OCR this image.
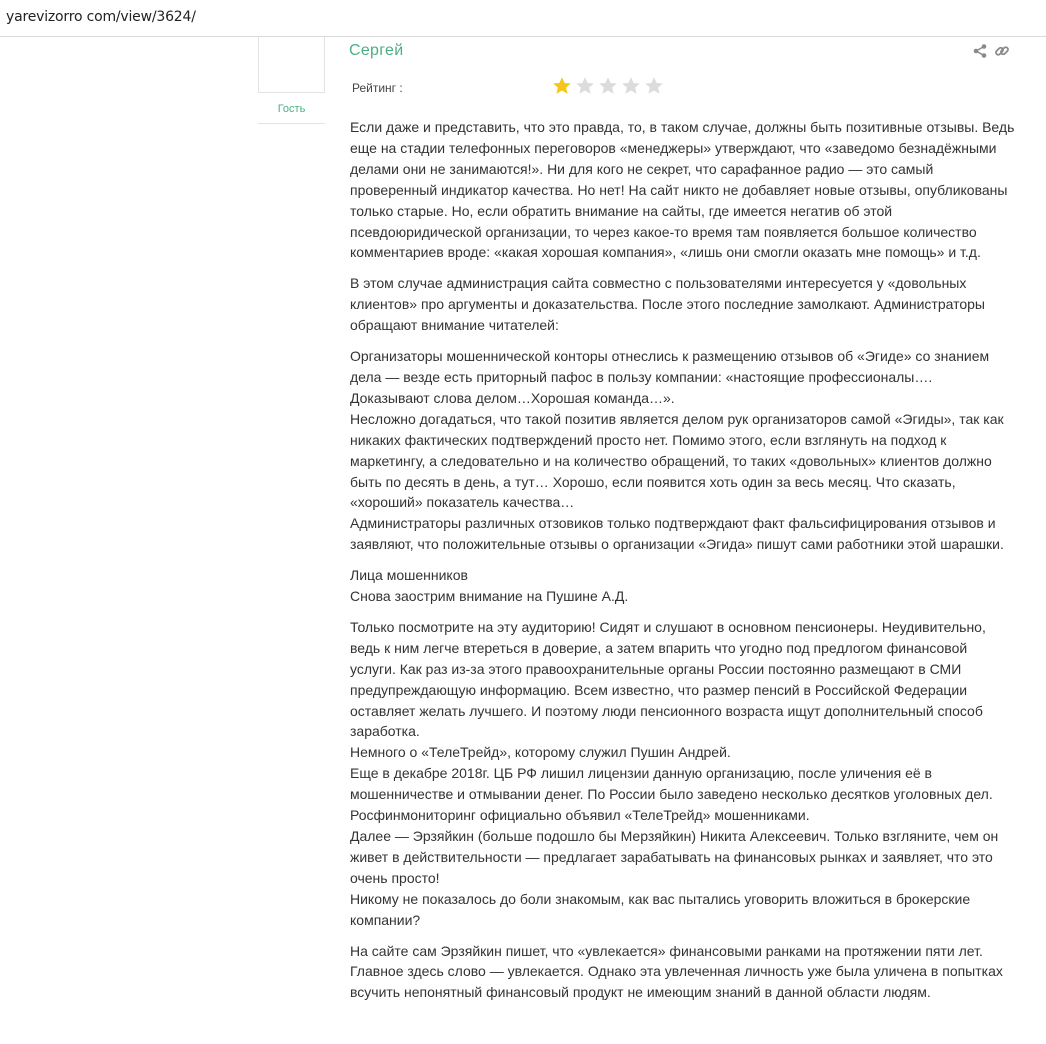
yarevizorro com/view/3624/
Гость
Сергей
Рейтинг :

Если даже и представить, что это правда, то, в таком случае, должны быть позитивные отзывы. Ведь еще на стадии телефонных переговоров «менеджеры» утверждают, что «заведомо безнадёжными делами они не занимаются!». Ни для кого не секрет, что сарафанное радио — это самый проверенный индикатор качества. Но нет! На сайт никто не добавляет новые отзывы, опубликованы только старые. Но, если обратить внимание на сайты, где имеется негатив об этой псевдоюридической организации, то через какое-то время там появляется большое количество комментариев вроде: «какая хорошая компания», «лишь они смогли оказать мне помощь» и т.д.

В этом случае администрация сайта совместно с пользователями интересуется у «довольных клиентов» про аргументы и доказательства. После этого последние замолкают. Администраторы обращают внимание читателей:

Организаторы мошеннической конторы отнеслись к размещению отзывов об «Эгиде» со знанием дела — везде есть приторный пафос в пользу компании: «настоящие профессионалы…. Доказывают слова делом…Хорошая команда…».
Несложно догадаться, что такой позитив является делом рук организаторов самой «Эгиды», так как никаких фактических подтверждений просто нет. Помимо этого, если взглянуть на подход к маркетингу, а следовательно и на количество обращений, то таких «довольных» клиентов должно быть по десять в день, а тут… Хорошо, если появится хоть один за весь месяц. Что сказать, «хороший» показатель качества…
Администраторы различных отзовиков только подтверждают факт фальсифицирования отзывов и заявляют, что положительные отзывы о организации «Эгида» пишут сами работники этой шарашки.

Лица мошенников
Снова заострим внимание на Пушине А.Д.

Только посмотрите на эту аудиторию! Сидят и слушают в основном пенсионеры. Неудивительно, ведь к ним легче втереться в доверие, а затем впарить что угодно под предлогом финансовой услуги. Как раз из-за этого правоохранительные органы России постоянно размещают в СМИ предупреждающую информацию. Всем известно, что размер пенсий в Российской Федерации оставляет желать лучшего. И поэтому люди пенсионного возраста ищут дополнительный способ заработка.
Немного о «ТелеТрейд», которому служил Пушин Андрей.
Еще в декабре 2018г. ЦБ РФ лишил лицензии данную организацию, после уличения её в мошенничестве и отмывании денег. По России было заведено несколько десятков уголовных дел. Росфинмониторинг официально объявил «ТелеТрейд» мошенниками.
Далее — Эрзяйкин (больше подошло бы Мерзяйкин) Никита Алексеевич. Только взгляните, чем он живет в действительности — предлагает зарабатывать на финансовых рынках и заявляет, что это очень просто!
Никому не показалось до боли знакомым, как вас пытались уговорить вложиться в брокерские компании?

На сайте сам Эрзяйкин пишет, что «увлекается» финансовыми ранками на протяжении пяти лет. Главное здесь слово — увлекается. Однако эта увлеченная личность уже была уличена в попытках всучить непонятный финансовый продукт не имеющим знаний в данной области людям.
